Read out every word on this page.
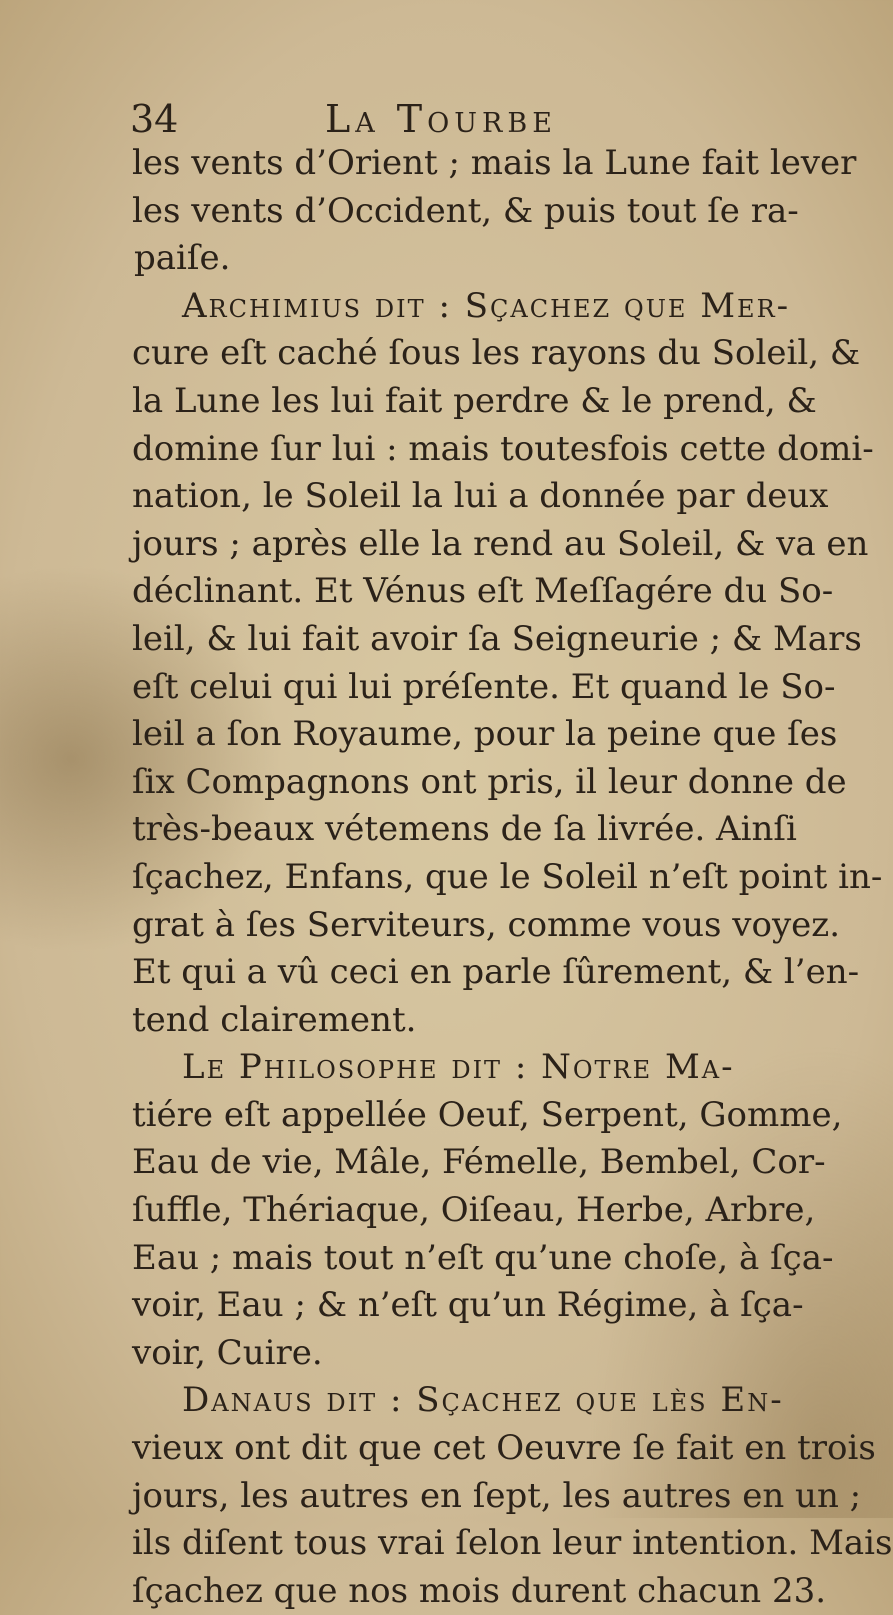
34	La Tourbe
les vents d’Orient ; mais la Lune fait lever
les vents d’Occident, & puis tout ſe ra-
paiſe.
Archimius dit : Sçachez que Mer-
cure eſt caché ſous les rayons du Soleil, &
la Lune les lui fait perdre & le prend, &
domine ſur lui : mais toutesfois cette domi-
nation, le Soleil la lui a donnée par deux
jours ; après elle la rend au Soleil, & va en
déclinant. Et Vénus eſt Meſſagére du So-
leil, & lui fait avoir ſa Seigneurie ; & Mars
eſt celui qui lui préſente. Et quand le So-
leil a ſon Royaume, pour la peine que ſes
ſix Compagnons ont pris, il leur donne de
très-beaux vétemens de ſa livrée. Ainſi
ſçachez, Enfans, que le Soleil n’eſt point in-
grat à ſes Serviteurs, comme vous voyez.
Et qui a vû ceci en parle ſûrement, & l’en-
tend clairement.
Le Philosophe dit : Notre Ma-
tiére eſt appellée Oeuf, Serpent, Gomme,
Eau de vie, Mâle, Fémelle, Bembel, Cor-
ſuffle, Thériaque, Oiſeau, Herbe, Arbre,
Eau ; mais tout n’eſt qu’une choſe, à ſça-
voir, Eau ; & n’eſt qu’un Régime, à ſça-
voir, Cuire.
Danaus dit : Sçachez que lès En-
vieux ont dit que cet Oeuvre ſe fait en trois
jours, les autres en ſept, les autres en un ;
ils diſent tous vrai ſelon leur intention. Mais
ſçachez que nos mois durent chacun 23.
